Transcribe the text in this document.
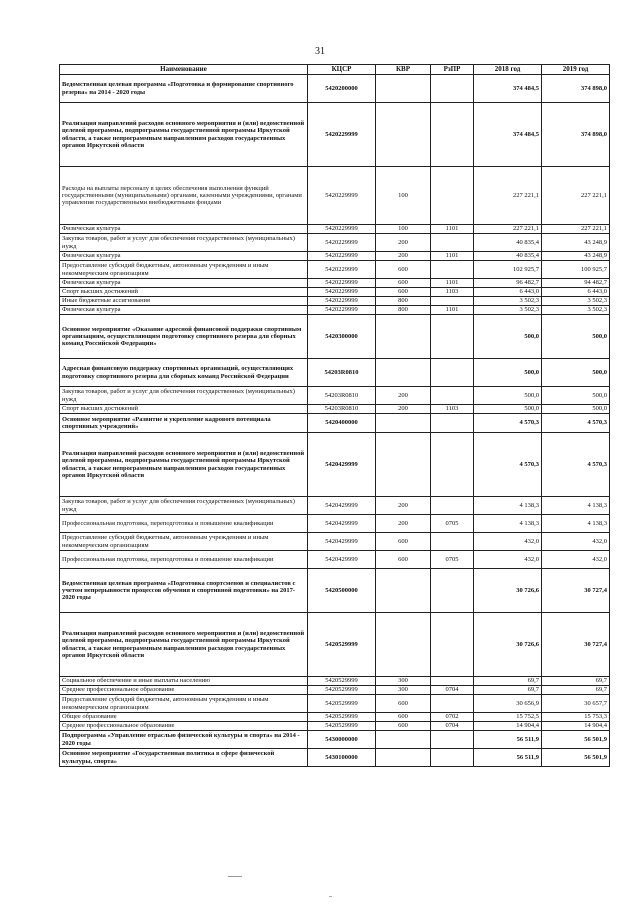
31
Наименование	КЦСР	КВР	РзПР	2018 год	2019 год
Ведомственная целевая программа «Подготовка и формирование спортивного резерва» на 2014 - 2020 годы	5420200000			374 484,5	374 898,0
Реализация направлений расходов основного мероприятия и (или) ведомственной целевой программы, подпрограммы государственной программы Иркутской области, а также непрограммным направлениям расходов государственных органов Иркутской области	5420229999			374 484,5	374 898,0
Расходы на выплаты персоналу в целях обеспечения выполнения функций государственными (муниципальными) органами, казенными учреждениями, органами управления государственными внебюджетными фондами	5420229999	100		227 221,1	227 221,1
Физическая культура	5420229999	100	1101	227 221,1	227 221,1
Закупка товаров, работ и услуг для обеспечения государственных (муниципальных) нужд	5420229999	200		40 835,4	43 248,9
Физическая культура	5420229999	200	1101	40 835,4	43 248,9
Предоставление субсидий бюджетным, автономным учреждениям и иным некоммерческим организациям	5420229999	600		102 925,7	100 925,7
Физическая культура	5420229999	600	1101	96 482,7	94 482,7
Спорт высших достижений	5420229999	600	1103	6 443,0	6 443,0
Иные бюджетные ассигнования	5420229999	800		3 502,3	3 502,3
Физическая культура	5420229999	800	1101	3 502,3	3 502,3
Основное мероприятие «Оказание адресной финансовой поддержки спортивным организациям, осуществляющим подготовку спортивного резерва для сборных команд Российской Федерации»	5420300000			500,0	500,0
Адресная финансовую поддержку спортивных организаций, осуществляющих подготовку спортивного резерва для сборных команд Российской Федерации	54203R0810			500,0	500,0
Закупка товаров, работ и услуг для обеспечения государственных (муниципальных) нужд	54203R0810	200		500,0	500,0
Спорт высших достижений	54203R0810	200	1103	500,0	500,0
Основное мероприятие «Развитие и укрепление кадрового потенциала спортивных учреждений»	5420400000			4 570,3	4 570,3
Реализация направлений расходов основного мероприятия и (или) ведомственной целевой программы, подпрограммы государственной программы Иркутской области, а также непрограммным направлениям расходов государственных органов Иркутской области	5420429999			4 570,3	4 570,3
Закупка товаров, работ и услуг для обеспечения государственных (муниципальных) нужд	5420429999	200		4 138,3	4 138,3
Профессиональная подготовка, переподготовка и повышение квалификации	5420429999	200	0705	4 138,3	4 138,3
Предоставление субсидий бюджетным, автономным учреждениям и иным некоммерческим организациям	5420429999	600		432,0	432,0
Профессиональная подготовка, переподготовка и повышение квалификации	5420429999	600	0705	432,0	432,0
Ведомственная целевая программа «Подготовка спортсменов и специалистов с учетом непрерывности процессов обучения и спортивной подготовки» на 2017-2020 годы	5420500000			30 726,6	30 727,4
Реализация направлений расходов основного мероприятия и (или) ведомственной целевой программы, подпрограммы государственной программы Иркутской области, а также непрограммным направлениям расходов государственных органов Иркутской области	5420529999			30 726,6	30 727,4
Социальное обеспечение и иные выплаты населению	5420529999	300		69,7	69,7
Среднее профессиональное образование	5420529999	300	0704	69,7	69,7
Предоставление субсидий бюджетным, автономным учреждениям и иным некоммерческим организациям	5420529999	600		30 656,9	30 657,7
Общее образование	5420529999	600	0702	15 752,5	15 753,3
Среднее профессиональное образование	5420529999	600	0704	14 904,4	14 904,4
Подпрограмма «Управление отраслью физической культуры и спорта» на 2014 - 2020 годы	5430000000			56 511,9	56 501,9
Основное мероприятие «Государственная политика в сфере физической культуры, спорта»	5430100000			56 511,9	56 501,9
